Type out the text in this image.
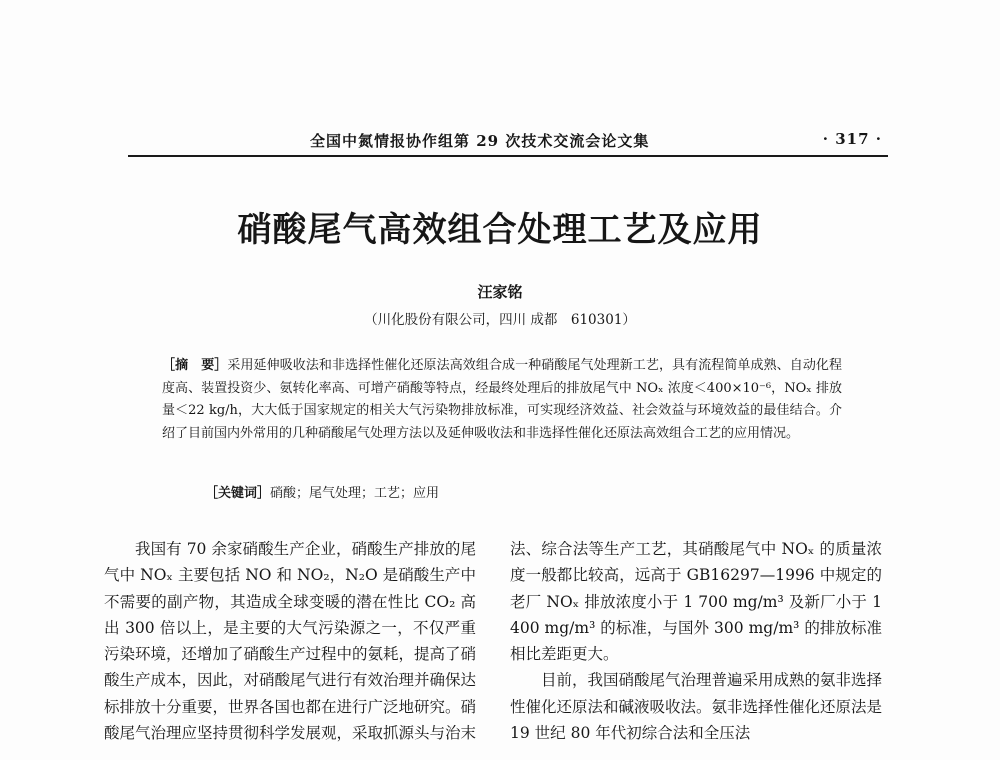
全国中氮情报协作组第 29 次技术交流会论文集	· 317 ·
硝酸尾气高效组合处理工艺及应用
汪家铭
（川化股份有限公司，四川 成都　610301）
［摘　要］采用延伸吸收法和非选择性催化还原法高效组合成一种硝酸尾气处理新工艺，具有流程简单成熟、自动化程度高、装置投资少、氨转化率高、可增产硝酸等特点，经最终处理后的排放尾气中 NOₓ 浓度＜400×10⁻⁶，NOₓ 排放量＜22 kg/h，大大低于国家规定的相关大气污染物排放标准，可实现经济效益、社会效益与环境效益的最佳结合。介绍了目前国内外常用的几种硝酸尾气处理方法以及延伸吸收法和非选择性催化还原法高效组合工艺的应用情况。
［关键词］硝酸；尾气处理；工艺；应用

我国有 70 余家硝酸生产企业，硝酸生产排放的尾气中 NOₓ 主要包括 NO 和 NO₂，N₂O 是硝酸生产中不需要的副产物，其造成全球变暖的潜在性比 CO₂ 高出 300 倍以上，是主要的大气污染源之一，不仅严重污染环境，还增加了硝酸生产过程中的氨耗，提高了硝酸生产成本，因此，对硝酸尾气进行有效治理并确保达标排放十分重要，世界各国也都在进行广泛地研究。硝酸尾气治理应坚持贯彻科学发展观，采取抓源头与治末

法、综合法等生产工艺，其硝酸尾气中 NOₓ 的质量浓度一般都比较高，远高于 GB16297—1996 中规定的老厂 NOₓ 排放浓度小于 1 700 mg/m³ 及新厂小于 1 400 mg/m³ 的标准，与国外 300 mg/m³ 的排放标准相比差距更大。

目前，我国硝酸尾气治理普遍采用成熟的氨非选择性催化还原法和碱液吸收法。氨非选择性催化还原法是 19 世纪 80 年代初综合法和全压法
